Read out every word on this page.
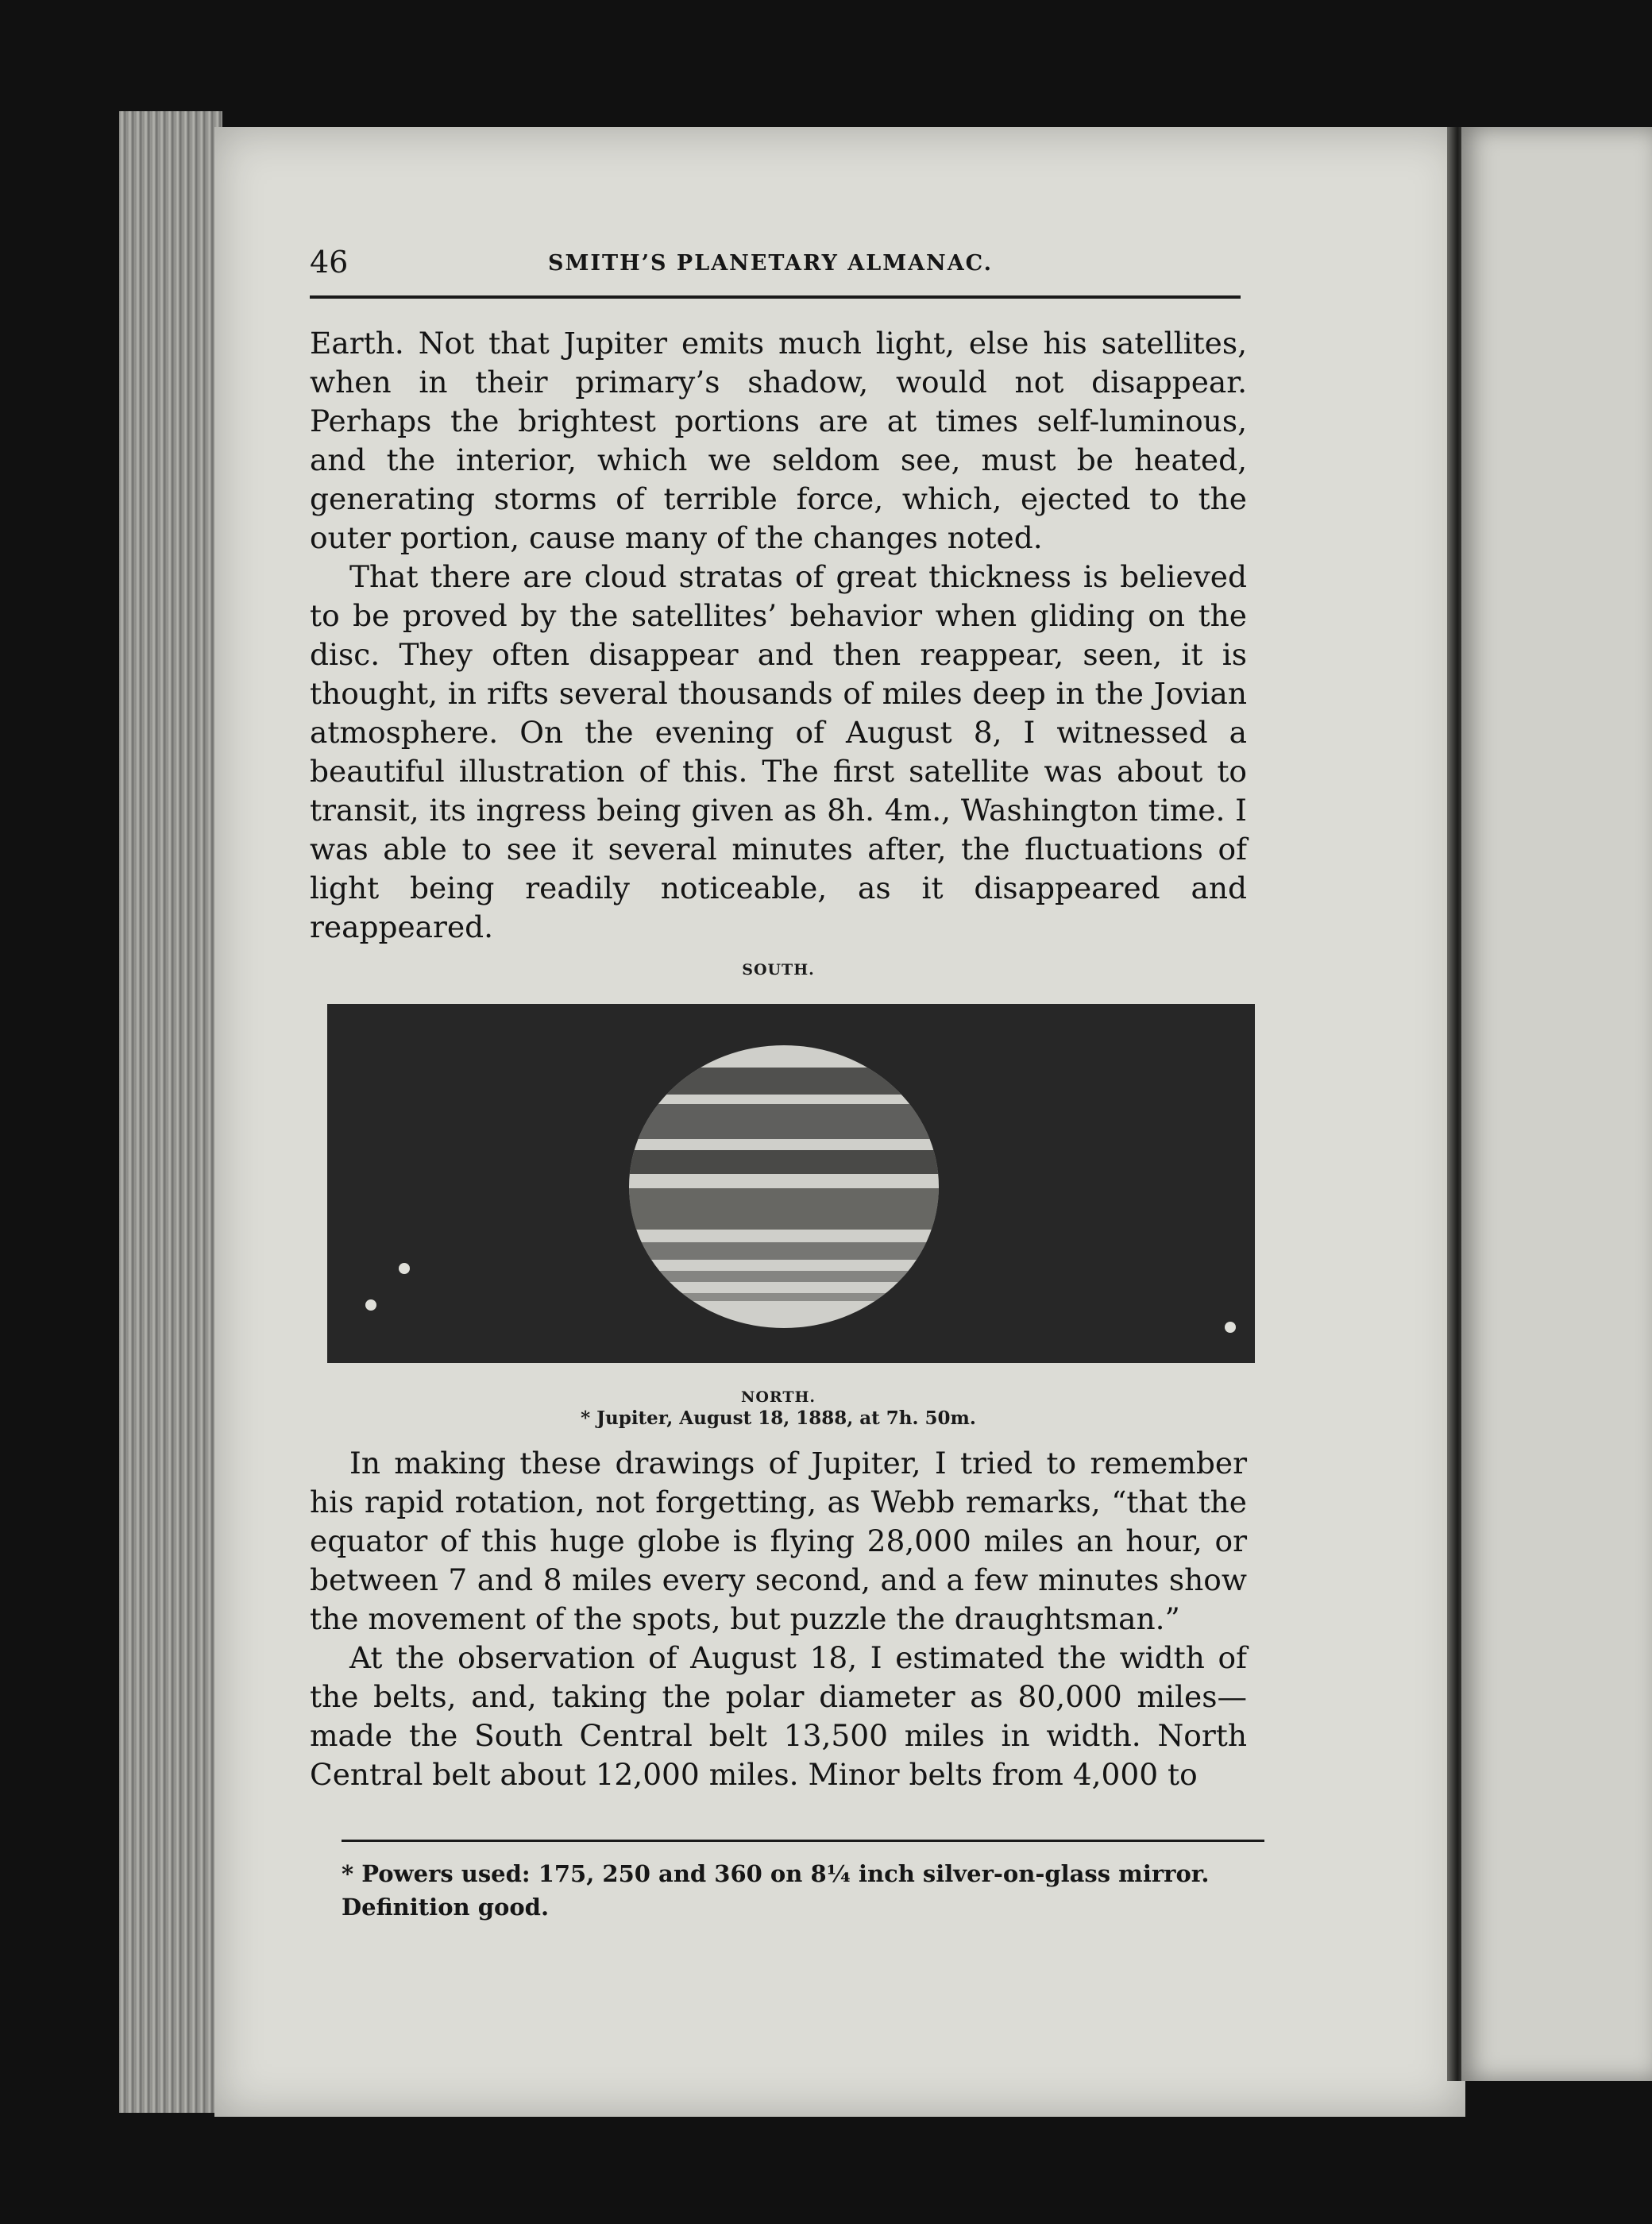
46	SMITH’S PLANETARY ALMANAC.

Earth. Not that Jupiter emits much light, else his satellites, when in their primary’s shadow, would not disappear. Perhaps the brightest portions are at times self-luminous, and the interior, which we seldom see, must be heated, generating storms of terrible force, which, ejected to the outer portion, cause many of the changes noted.

That there are cloud stratas of great thickness is believed to be proved by the satellites’ behavior when gliding on the disc. They often disappear and then reappear, seen, it is thought, in rifts several thousands of miles deep in the Jovian atmosphere. On the evening of August 8, I witnessed a beautiful illustration of this. The first satellite was about to transit, its ingress being given as 8h. 4m., Washington time. I was able to see it several minutes after, the fluctuations of light being readily noticeable, as it disappeared and reappeared.

SOUTH.
NORTH.
* Jupiter, August 18, 1888, at 7h. 50m.

In making these drawings of Jupiter, I tried to remember his rapid rotation, not forgetting, as Webb remarks, “that the equator of this huge globe is flying 28,000 miles an hour, or between 7 and 8 miles every second, and a few minutes show the movement of the spots, but puzzle the draughtsman.”

At the observation of August 18, I estimated the width of the belts, and, taking the polar diameter as 80,000 miles—made the South Central belt 13,500 miles in width. North Central belt about 12,000 miles. Minor belts from 4,000 to

* Powers used: 175, 250 and 360 on 8¼ inch silver-on-glass mirror. Definition good.
